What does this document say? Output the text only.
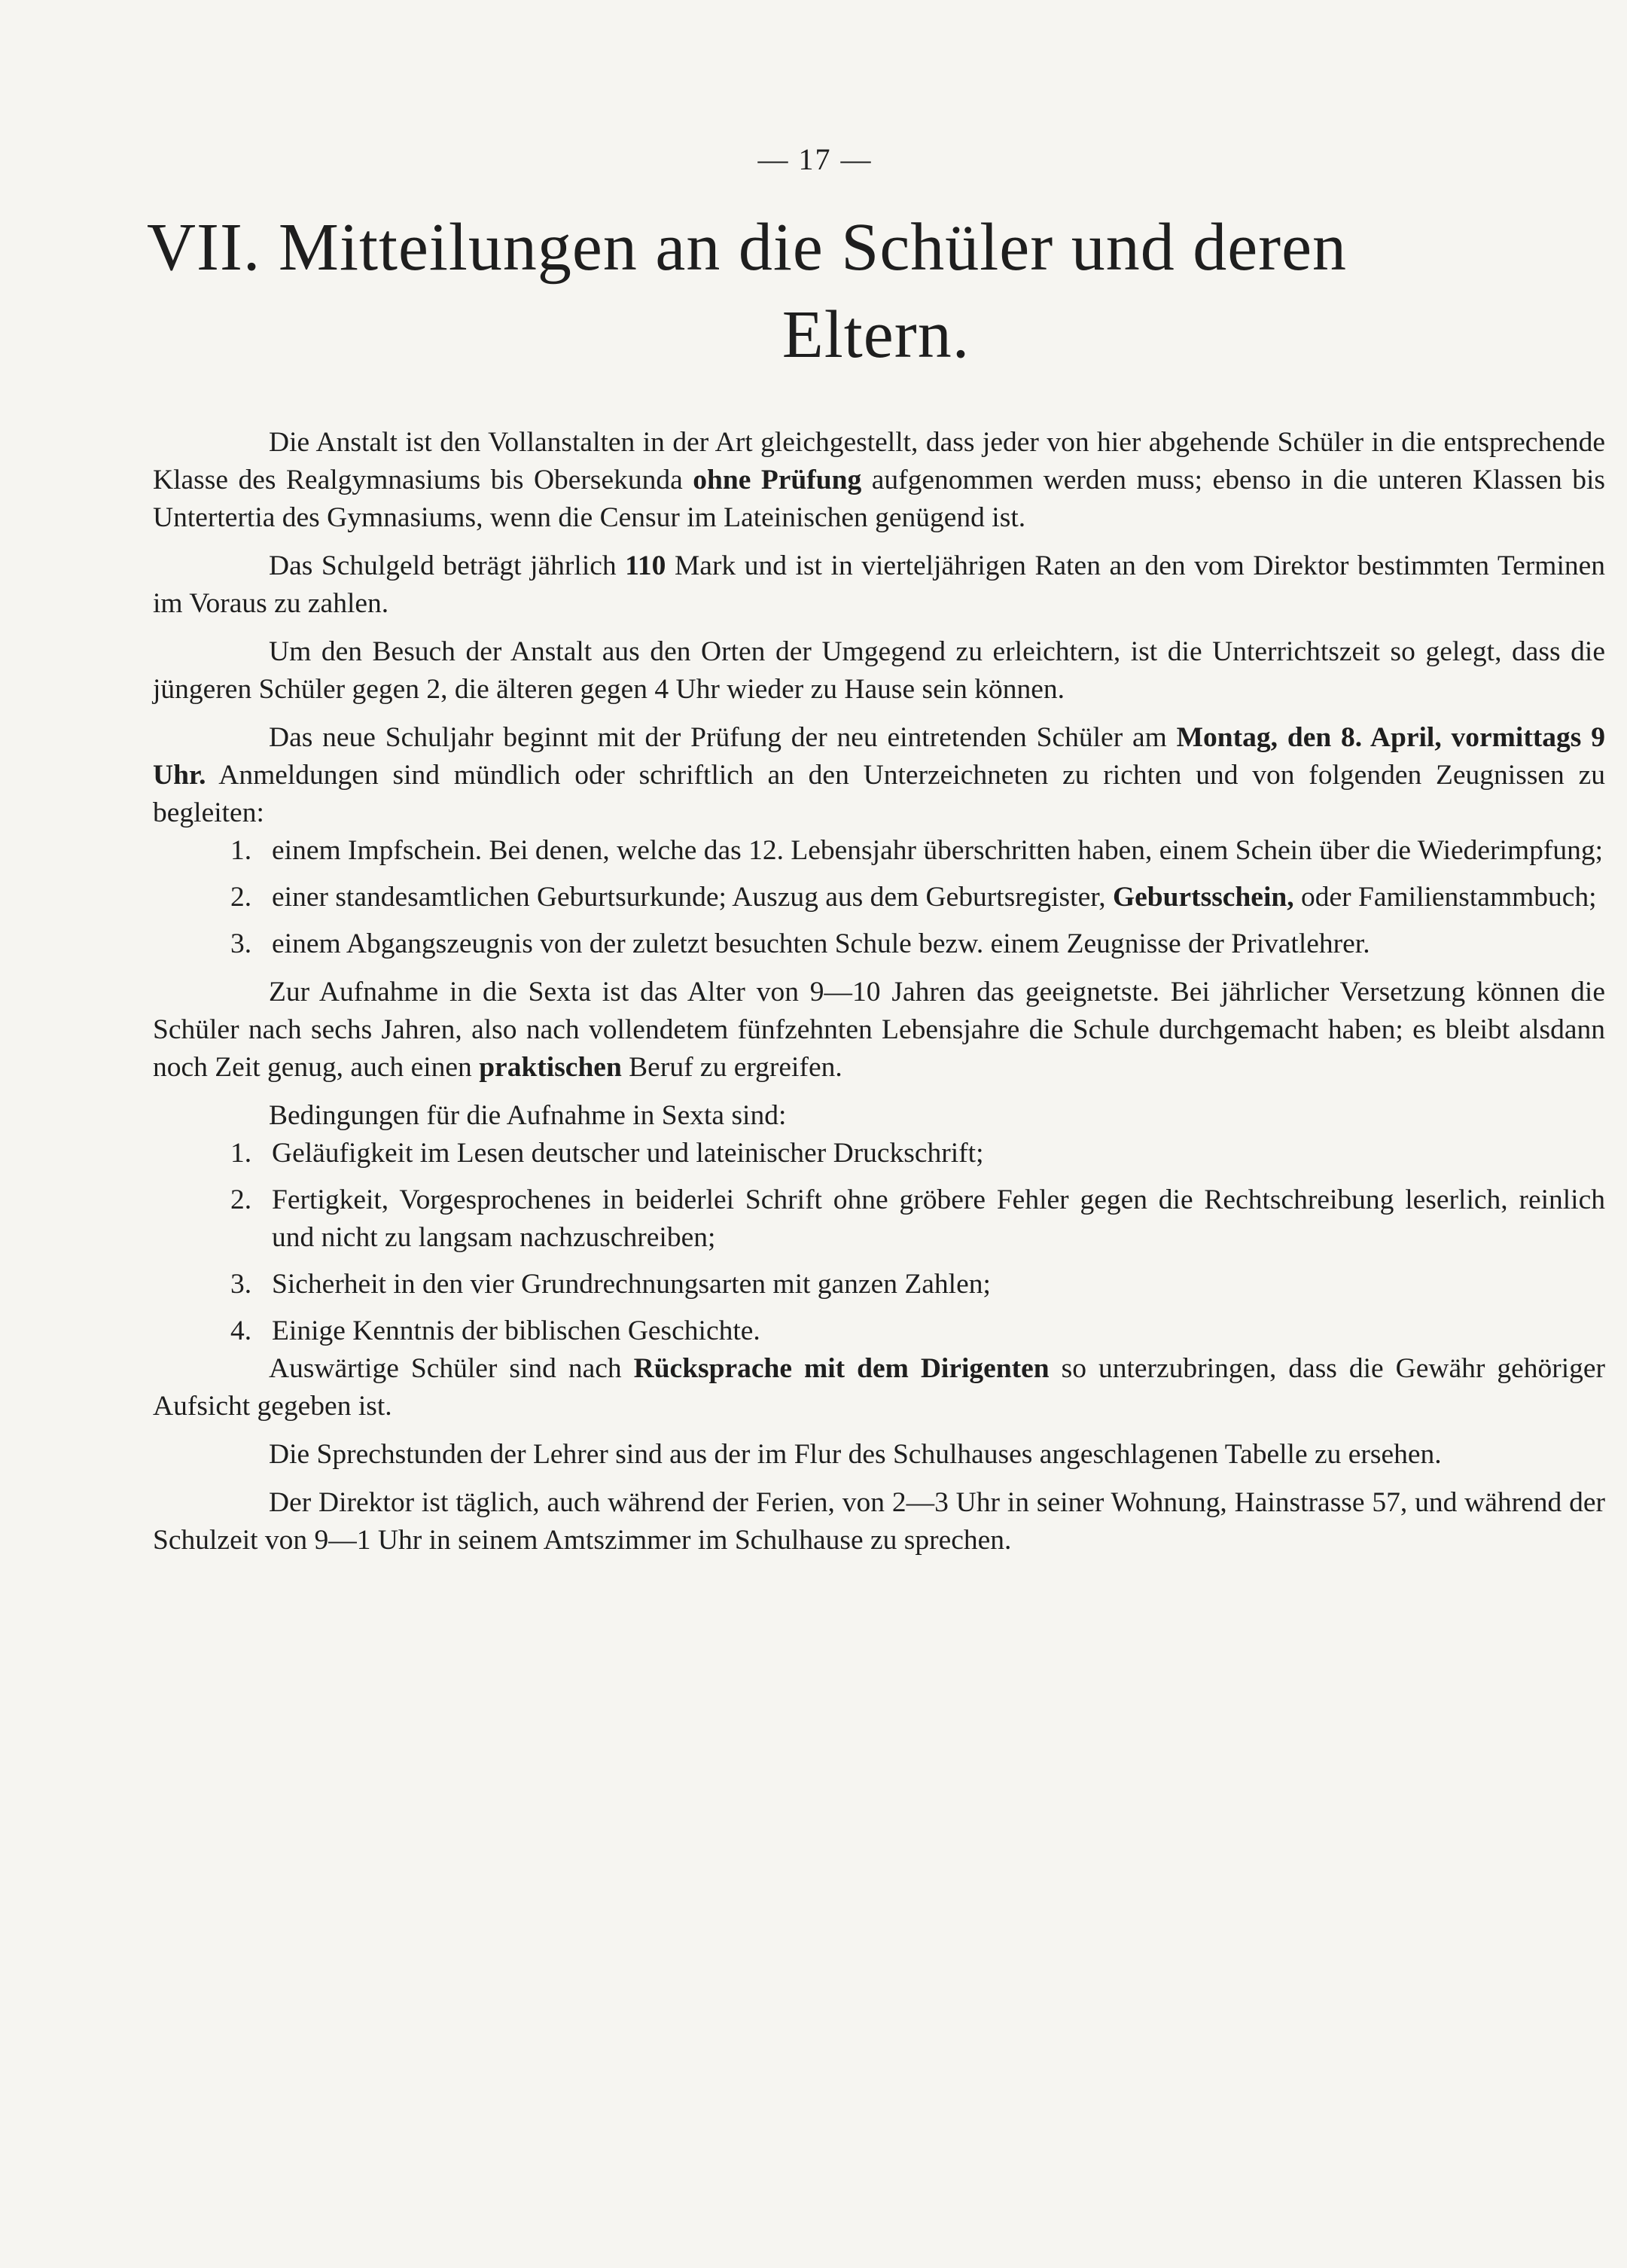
— 17 —
VII. Mitteilungen an die Schüler und deren
Eltern.

Die Anstalt ist den Vollanstalten in der Art gleichgestellt, dass jeder von hier abgehende Schüler in die entsprechende Klasse des Realgymnasiums bis Obersekunda ohne Prüfung aufgenommen werden muss; ebenso in die unteren Klassen bis Untertertia des Gymnasiums, wenn die Censur im Lateinischen genügend ist.

Das Schulgeld beträgt jährlich 110 Mark und ist in vierteljährigen Raten an den vom Direktor bestimmten Terminen im Voraus zu zahlen.

Um den Besuch der Anstalt aus den Orten der Umgegend zu erleichtern, ist die Unterrichtszeit so gelegt, dass die jüngeren Schüler gegen 2, die älteren gegen 4 Uhr wieder zu Hause sein können.

Das neue Schuljahr beginnt mit der Prüfung der neu eintretenden Schüler am Montag, den 8. April, vormittags 9 Uhr. Anmeldungen sind mündlich oder schriftlich an den Unterzeichneten zu richten und von folgenden Zeugnissen zu begleiten:

1. einem Impfschein. Bei denen, welche das 12. Lebensjahr überschritten haben, einem Schein über die Wiederimpfung;
2. einer standesamtlichen Geburtsurkunde; Auszug aus dem Geburtsregister, Geburtsschein, oder Familienstammbuch;
3. einem Abgangszeugnis von der zuletzt besuchten Schule bezw. einem Zeugnisse der Privatlehrer.

Zur Aufnahme in die Sexta ist das Alter von 9—10 Jahren das geeignetste. Bei jährlicher Versetzung können die Schüler nach sechs Jahren, also nach vollendetem fünfzehnten Lebensjahre die Schule durchgemacht haben; es bleibt alsdann noch Zeit genug, auch einen praktischen Beruf zu ergreifen.

Bedingungen für die Aufnahme in Sexta sind:

1. Geläufigkeit im Lesen deutscher und lateinischer Druckschrift;
2. Fertigkeit, Vorgesprochenes in beiderlei Schrift ohne gröbere Fehler gegen die Rechtschreibung leserlich, reinlich und nicht zu langsam nachzuschreiben;
3. Sicherheit in den vier Grundrechnungsarten mit ganzen Zahlen;
4. Einige Kenntnis der biblischen Geschichte.

Auswärtige Schüler sind nach Rücksprache mit dem Dirigenten so unterzubringen, dass die Gewähr gehöriger Aufsicht gegeben ist.

Die Sprechstunden der Lehrer sind aus der im Flur des Schulhauses angeschlagenen Tabelle zu ersehen.

Der Direktor ist täglich, auch während der Ferien, von 2—3 Uhr in seiner Wohnung, Hainstrasse 57, und während der Schulzeit von 9—1 Uhr in seinem Amtszimmer im Schulhause zu sprechen.
